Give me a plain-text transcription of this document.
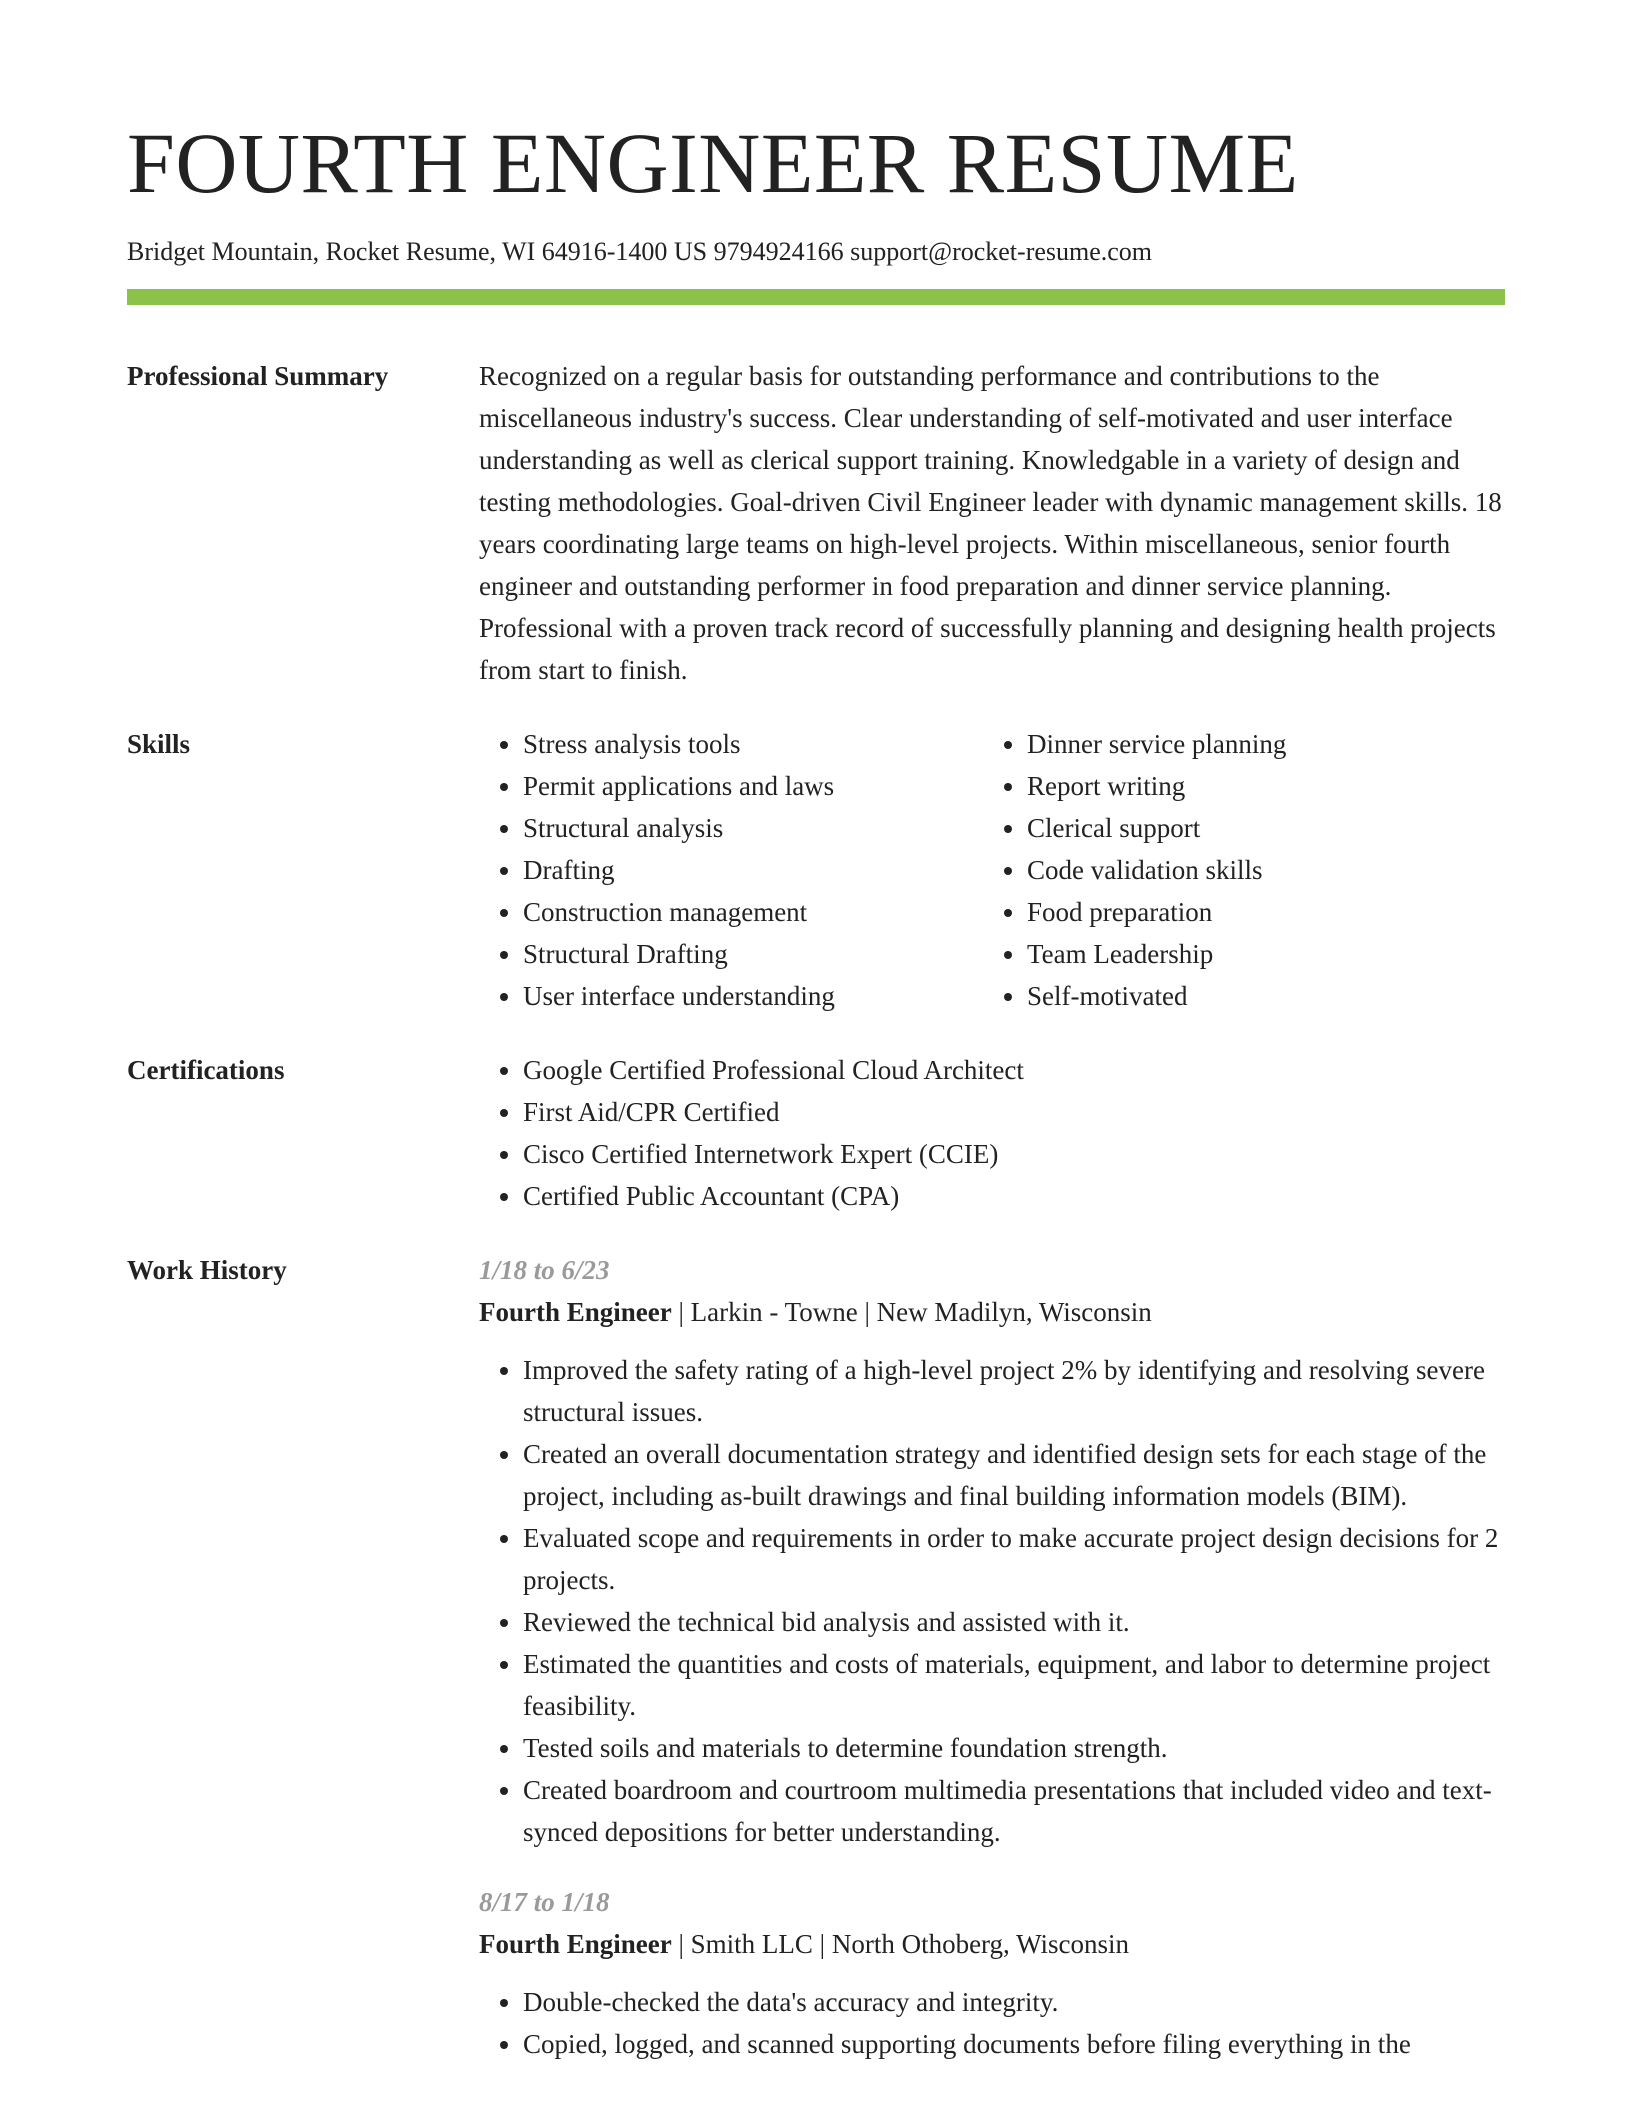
FOURTH ENGINEER RESUME
Bridget Mountain, Rocket Resume, WI 64916-1400 US 9794924166 support@rocket-resume.com
Professional Summary	Recognized on a regular basis for outstanding performance and contributions to the miscellaneous industry's success. Clear understanding of self-motivated and user interface understanding as well as clerical support training. Knowledgable in a variety of design and testing methodologies. Goal-driven Civil Engineer leader with dynamic management skills. 18 years coordinating large teams on high-level projects. Within miscellaneous, senior fourth engineer and outstanding performer in food preparation and dinner service planning. Professional with a proven track record of successfully planning and designing health projects from start to finish.

Skills	• Stress analysis tools
• Permit applications and laws
• Structural analysis
• Drafting
• Construction management
• Structural Drafting
• User interface understanding
• Dinner service planning
• Report writing
• Clerical support
• Code validation skills
• Food preparation
• Team Leadership
• Self-motivated
Certifications	• Google Certified Professional Cloud Architect
• First Aid/CPR Certified
• Cisco Certified Internetwork Expert (CCIE)
• Certified Public Accountant (CPA)
Work History	1/18 to 6/23
Fourth Engineer | Larkin - Towne | New Madilyn, Wisconsin
• Improved the safety rating of a high-level project 2% by identifying and resolving severe structural issues.
• Created an overall documentation strategy and identified design sets for each stage of the project, including as-built drawings and final building information models (BIM).
• Evaluated scope and requirements in order to make accurate project design decisions for 2 projects.
• Reviewed the technical bid analysis and assisted with it.
• Estimated the quantities and costs of materials, equipment, and labor to determine project feasibility.
• Tested soils and materials to determine foundation strength.
• Created boardroom and courtroom multimedia presentations that included video and text-synced depositions for better understanding.
8/17 to 1/18
Fourth Engineer | Smith LLC | North Othoberg, Wisconsin
• Double-checked the data's accuracy and integrity.
• Copied, logged, and scanned supporting documents before filing everything in the
